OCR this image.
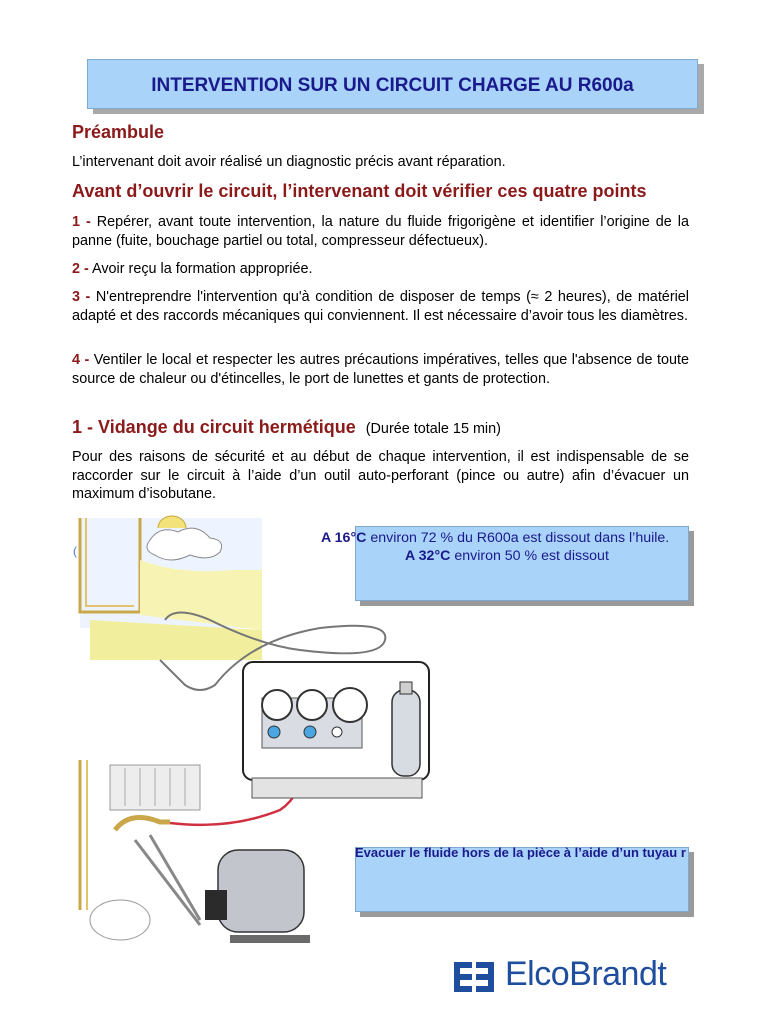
INTERVENTION SUR UN CIRCUIT CHARGE AU R600a
Préambule
L’intervenant doit avoir réalisé un diagnostic précis avant réparation.
Avant d’ouvrir le circuit, l’intervenant doit vérifier ces quatre points
1 - Repérer, avant toute intervention, la nature du fluide frigorigène et identifier l’origine de la panne (fuite, bouchage partiel ou total, compresseur défectueux).
2 - Avoir reçu la formation appropriée.
3 - N'entreprendre l'intervention qu'à condition de disposer de temps (≈ 2 heures), de matériel adapté et des raccords mécaniques qui conviennent. Il est nécessaire d’avoir tous les diamètres.
4 - Ventiler le local et respecter les autres précautions impératives, telles que l'absence de toute source de chaleur ou d'étincelles, le port de lunettes et gants de protection.
1 - Vidange du circuit hermétique (Durée totale 15 min)
Pour des raisons de sécurité et au début de chaque intervention, il est indispensable de se raccorder sur le circuit à l’aide d’un outil auto-perforant (pince ou autre) afin d’évacuer un maximum d’isobutane.
(
A 16°C environ 72 % du R600a est dissout dans l’huile.
A 32°C environ 50 % est dissout
Evacuer le fluide hors de la pièce à l’aide d’un tuyau r
ElcoBrandt
